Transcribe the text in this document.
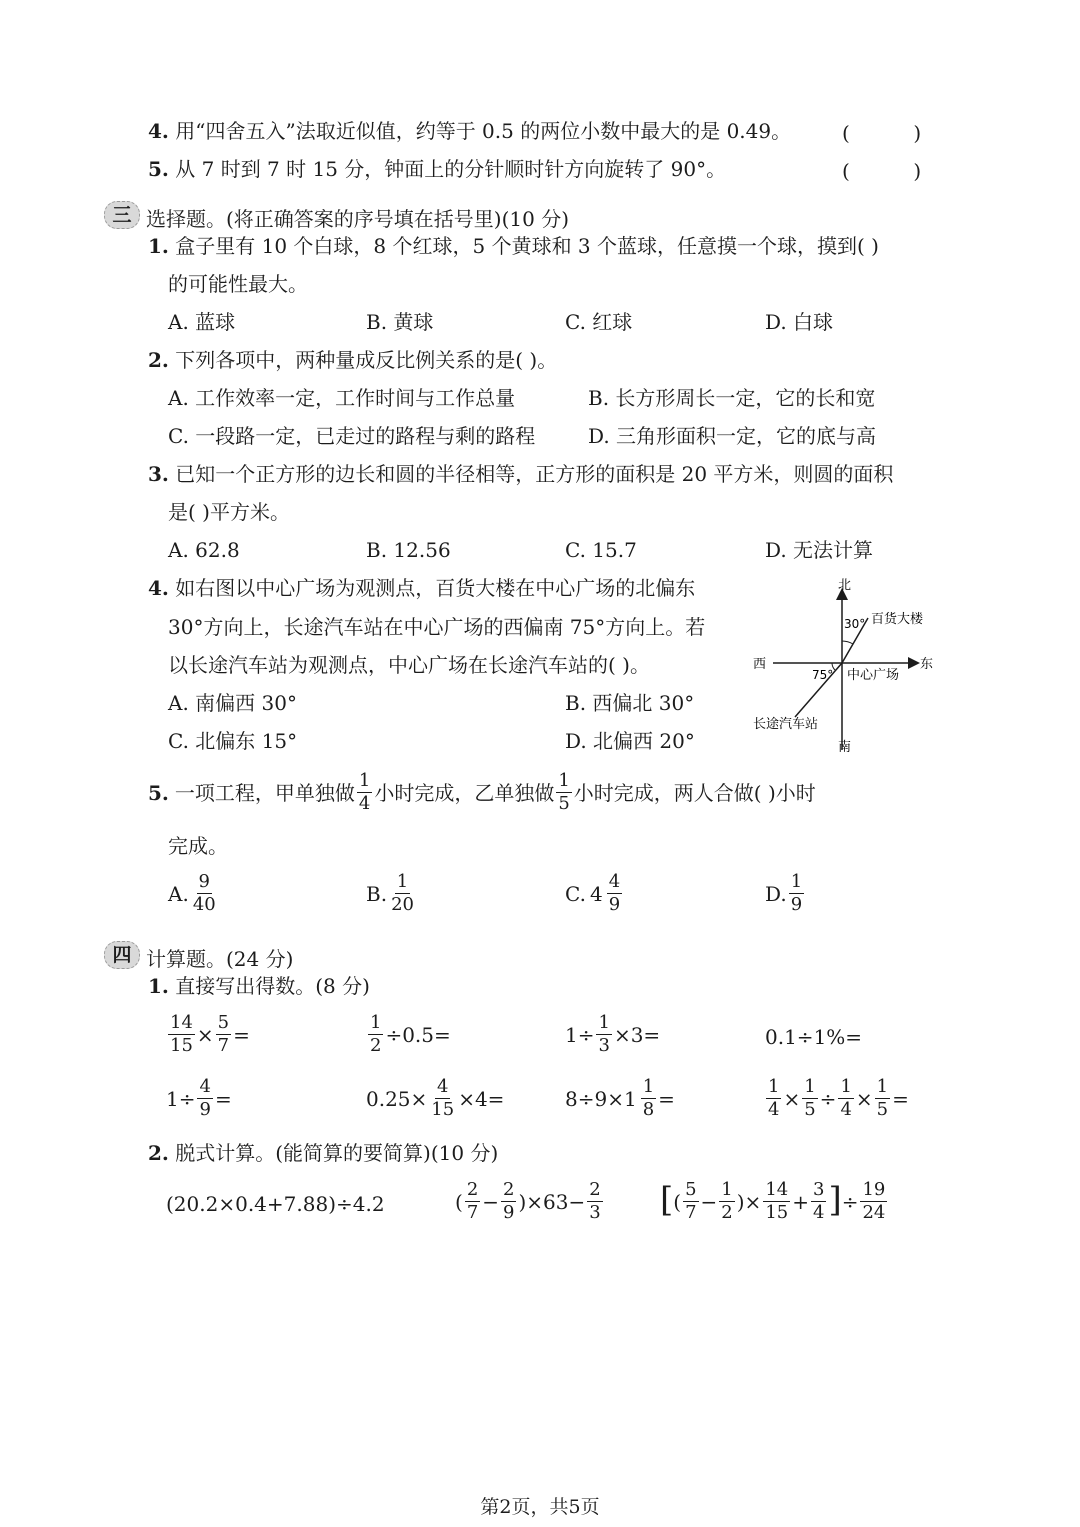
4. 用“四舍五入”法取近似值，约等于 0.5 的两位小数中最大的是 0.49。	(          )
5. 从 7 时到 7 时 15 分，钟面上的分针顺时针方向旋转了 90°。	(          )
三 选择题。(将正确答案的序号填在括号里)(10 分)
1. 盒子里有 10 个白球，8 个红球，5 个黄球和 3 个蓝球，任意摸一个球，摸到( )
的可能性最大。
A. 蓝球	B. 黄球	C. 红球	D. 白球
2. 下列各项中，两种量成反比例关系的是( )。
A. 工作效率一定，工作时间与工作总量	B. 长方形周长一定，它的长和宽
C. 一段路一定，已走过的路程与剩的路程	D. 三角形面积一定，它的底与高
3. 已知一个正方形的边长和圆的半径相等，正方形的面积是 20 平方米，则圆的面积
是( )平方米。
A. 62.8	B. 12.56	C. 15.7	D. 无法计算
4. 如右图以中心广场为观测点，百货大楼在中心广场的北偏东
30°方向上，长途汽车站在中心广场的西偏南 75°方向上。若
以长途汽车站为观测点，中心广场在长途汽车站的( )。
A. 南偏西 30°	B. 西偏北 30°
C. 北偏东 15°	D. 北偏西 20°
北
南
西	东
30°
75°
百货大楼
中心广场
长途汽车站
5. 一项工程，甲单独做 $\frac{1}{4}$ 小时完成，乙单独做 $\frac{1}{5}$ 小时完成，两人合做( )小时
完成。
A. $\frac{9}{40}$	B. $\frac{1}{20}$	C. $4 \frac{4}{9}$	D. $\frac{1}{9}$
四 计算题。(24 分)
1. 直接写出得数。(8 分)
$\frac{14}{15} \times \frac{5}{7}$ =	$\frac{1}{2} \div 0.5=$	$1\div \frac{1}{3} \times 3=$	0.1÷1%=
$1\div \frac{4}{9}$ =	$0.25\times \frac{4}{15} \times 4=$	$8\div 9\times 1 \frac{1}{8}$ =	$\frac{1}{4} \times \frac{1}{5} \div \frac{1}{4} \times \frac{1}{5}$ =
2. 脱式计算。(能简算的要简算)(10 分)
(20.2×0.4+7.88)÷4.2	( $\frac{2}{7} - \frac{2}{9} )\times 63- \frac{2}{3}$ [ ( $\frac{5}{7} - \frac{1}{2}$ )× $\frac{14}{15} + \frac{3}{4}$ ] ÷ $\frac{19}{24}$
第2页，共5页
